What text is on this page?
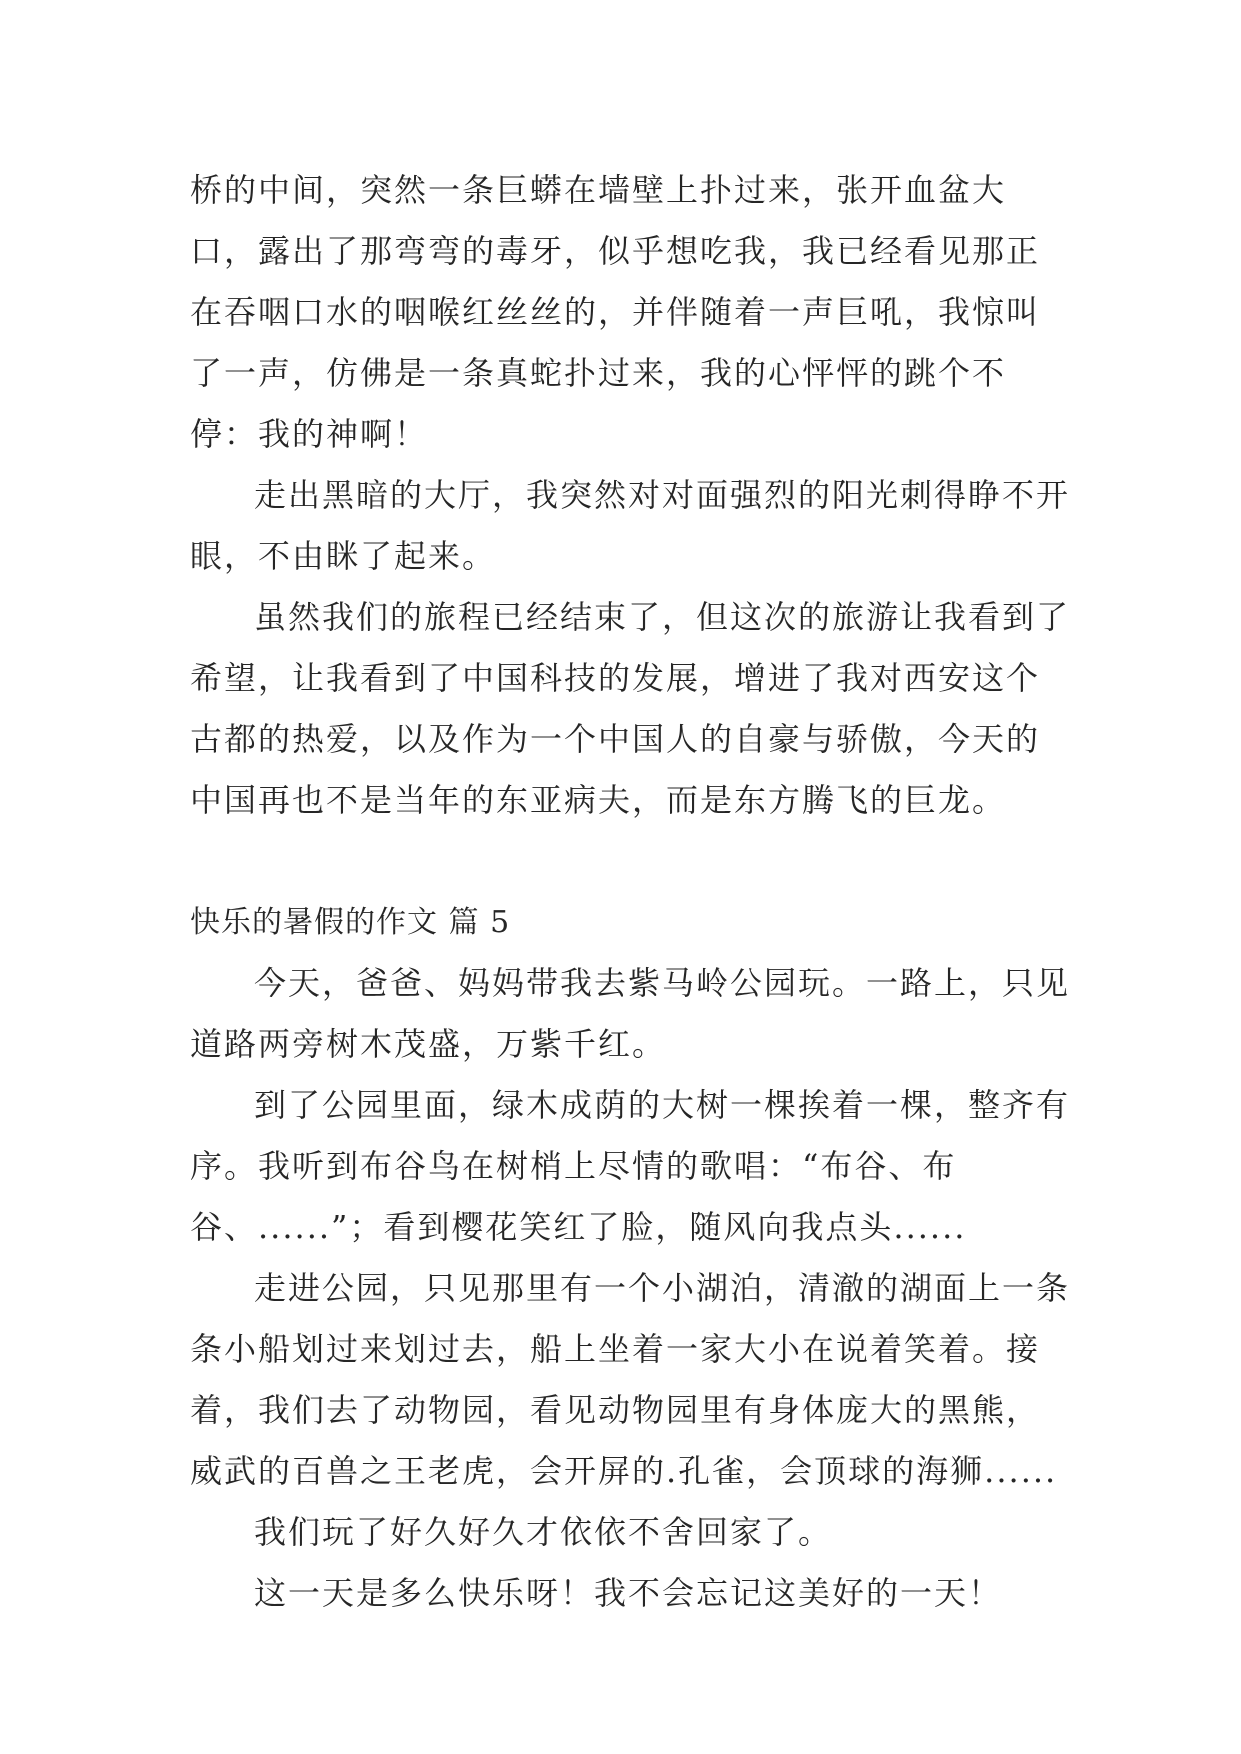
桥的中间，突然一条巨蟒在墙壁上扑过来，张开血盆大口，露出了那弯弯的毒牙，似乎想吃我，我已经看见那正在吞咽口水的咽喉红丝丝的，并伴随着一声巨吼，我惊叫了一声，仿佛是一条真蛇扑过来，我的心怦怦的跳个不停：我的神啊！

走出黑暗的大厅，我突然对对面强烈的阳光刺得睁不开眼，不由眯了起来。

虽然我们的旅程已经结束了，但这次的旅游让我看到了希望，让我看到了中国科技的发展，增进了我对西安这个古都的热爱，以及作为一个中国人的自豪与骄傲，今天的中国再也不是当年的东亚病夫，而是东方腾飞的巨龙。

快乐的暑假的作文 篇 5

今天，爸爸、妈妈带我去紫马岭公园玩。一路上，只见道路两旁树木茂盛，万紫千红。

到了公园里面，绿木成荫的大树一棵挨着一棵，整齐有序。我听到布谷鸟在树梢上尽情的歌唱：“布谷、布谷、......”；看到樱花笑红了脸，随风向我点头......

走进公园，只见那里有一个小湖泊，清澈的湖面上一条条小船划过来划过去，船上坐着一家大小在说着笑着。接着，我们去了动物园，看见动物园里有身体庞大的黑熊，威武的百兽之王老虎，会开屏的.孔雀，会顶球的海狮......

我们玩了好久好久才依依不舍回家了。

这一天是多么快乐呀！我不会忘记这美好的一天！
